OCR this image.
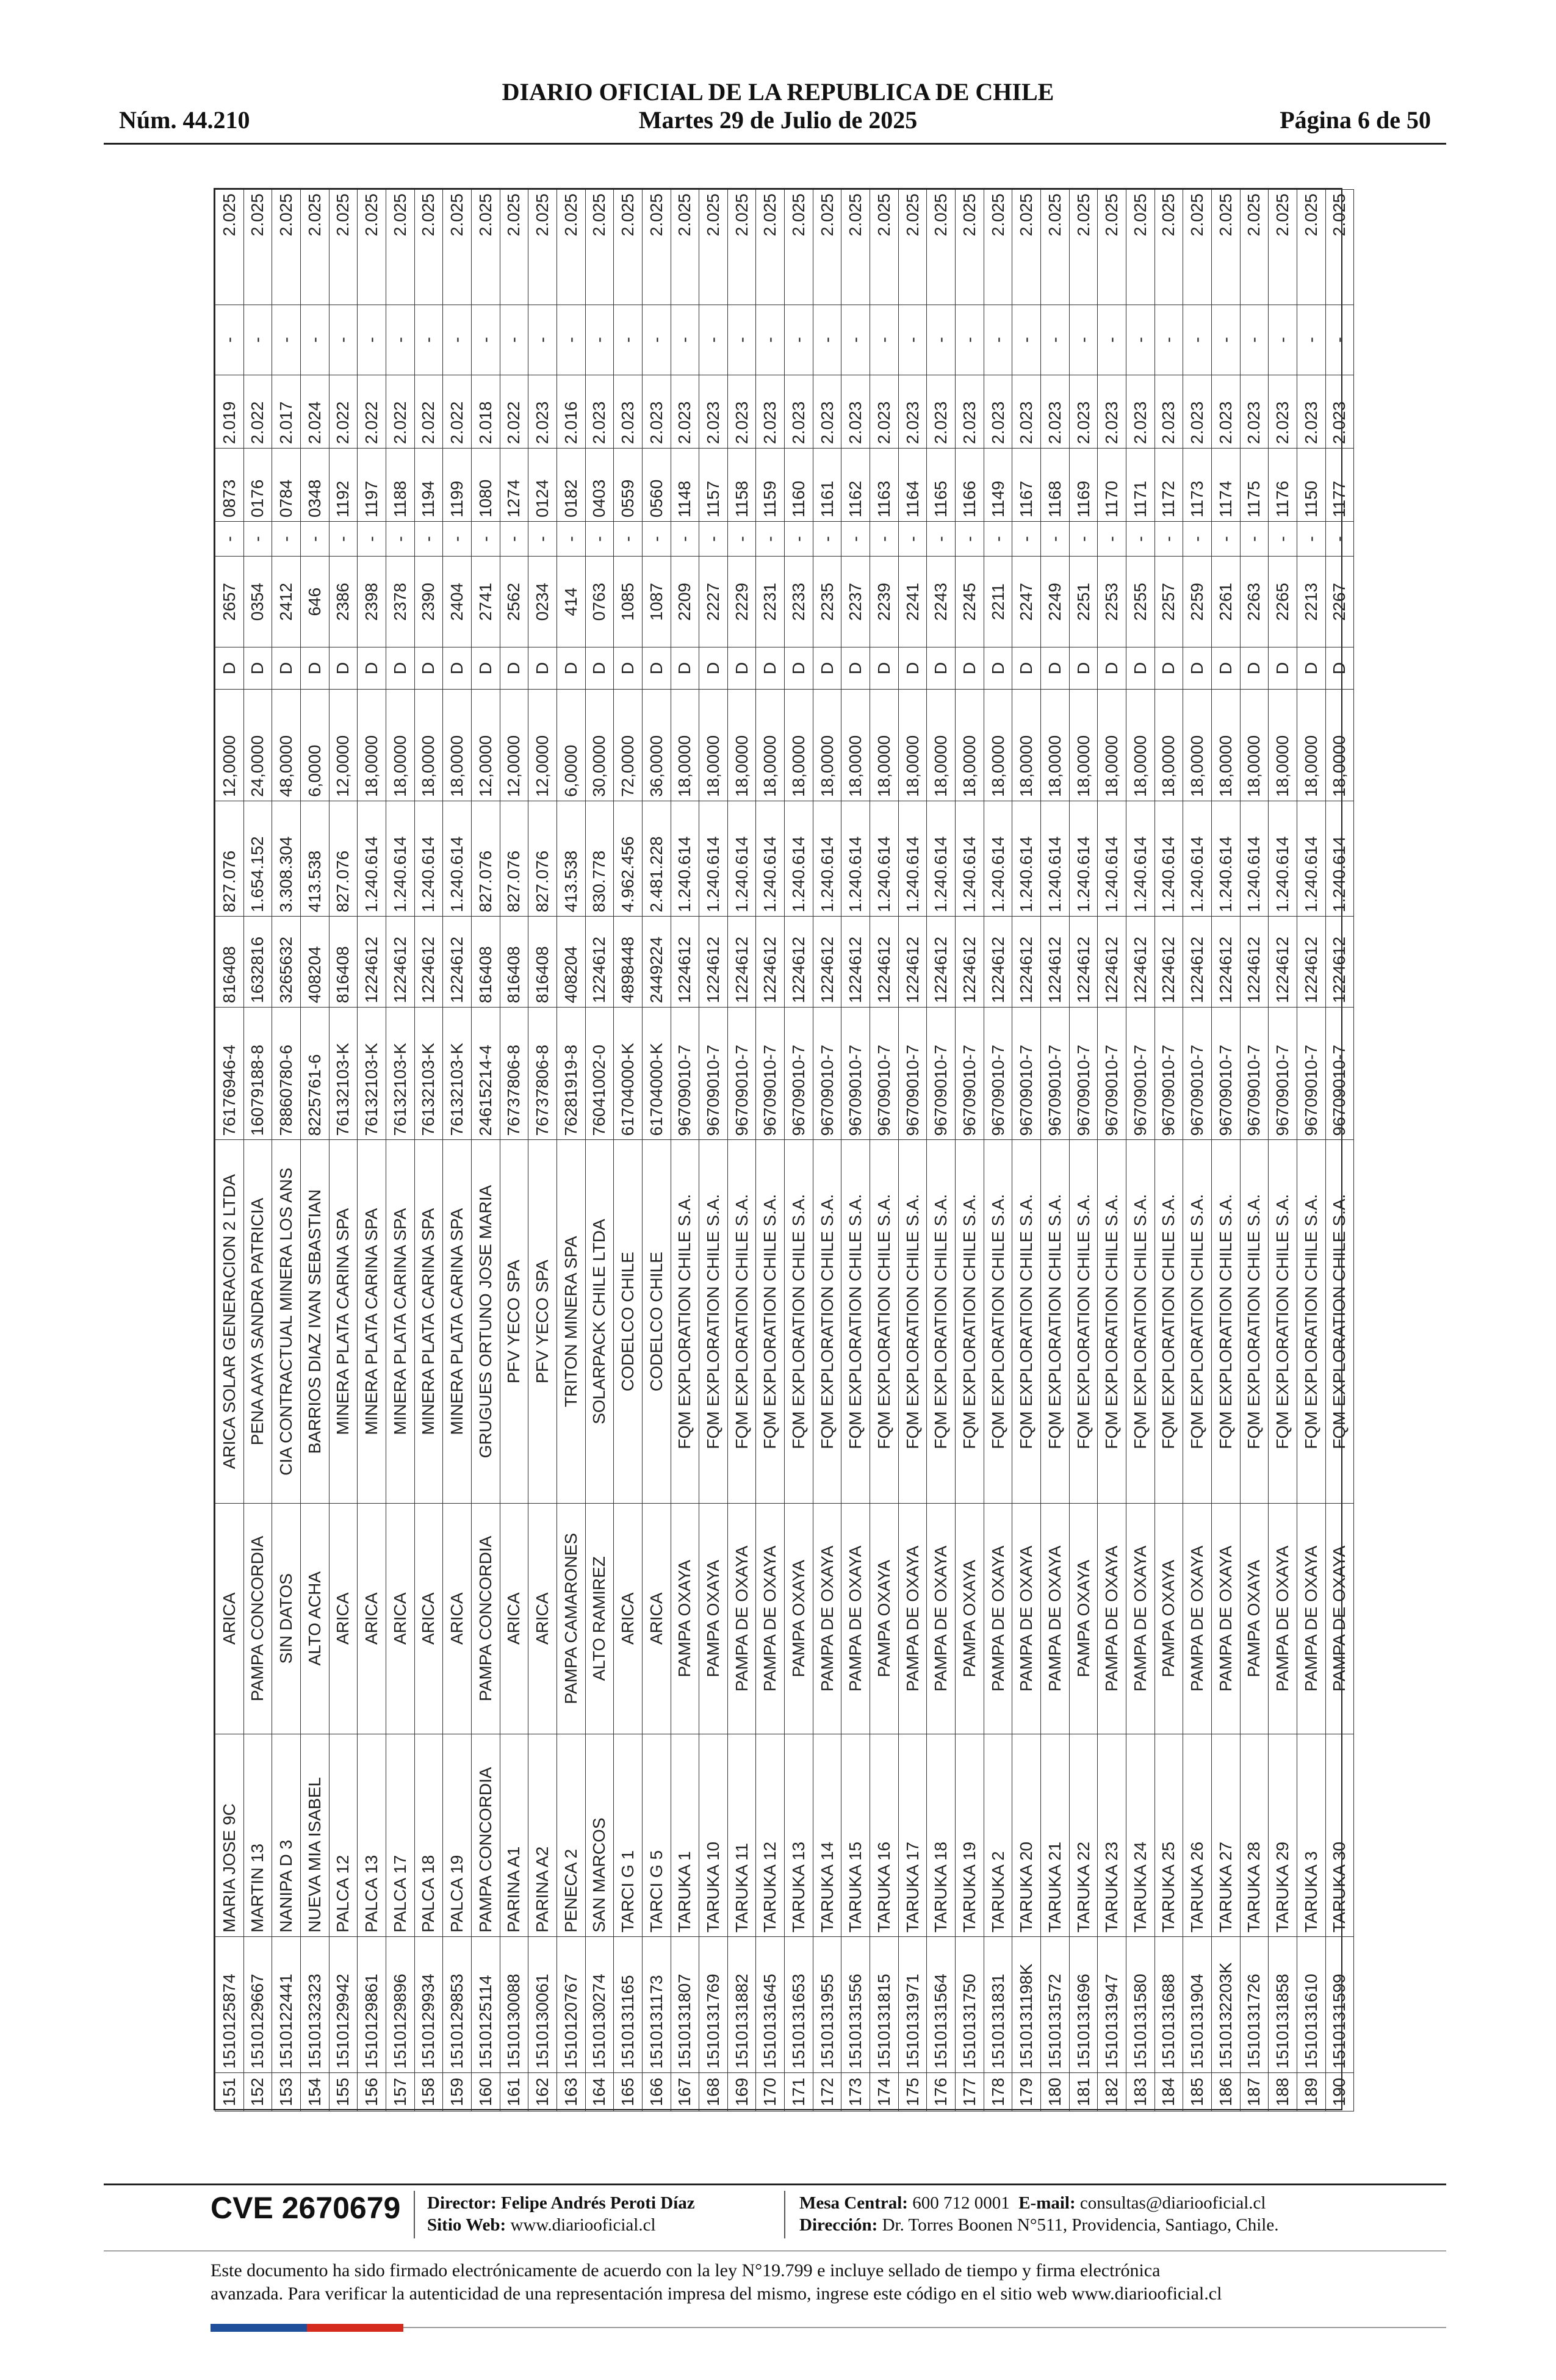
DIARIO OFICIAL DE LA REPUBLICA DE CHILE
Núm. 44.210	Martes 29 de Julio de 2025	Página 6 de 50
151	1510125874	MARIA JOSE 9C	ARICA	ARICA SOLAR GENERACION 2 LTDA	76176946-4	816408	827.076	12,0000	D	2657	-	0873	2.019	-	2.025
152	1510129667	MARTIN 13	PAMPA CONCORDIA	PENA AAYA SANDRA PATRICIA	16079188-8	1632816	1.654.152	24,0000	D	0354	-	0176	2.022	-	2.025
153	1510122441	NANIPA D 3	SIN DATOS	CIA CONTRACTUAL MINERA LOS ANS	78860780-6	3265632	3.308.304	48,0000	D	2412	-	0784	2.017	-	2.025
154	1510132323	NUEVA MIA ISABEL	ALTO ACHA	BARRIOS DIAZ IVAN SEBASTIAN	8225761-6	408204	413.538	6,0000	D	646	-	0348	2.024	-	2.025
155	1510129942	PALCA 12	ARICA	MINERA PLATA CARINA SPA	76132103-K	816408	827.076	12,0000	D	2386	-	1192	2.022	-	2.025
156	1510129861	PALCA 13	ARICA	MINERA PLATA CARINA SPA	76132103-K	1224612	1.240.614	18,0000	D	2398	-	1197	2.022	-	2.025
157	1510129896	PALCA 17	ARICA	MINERA PLATA CARINA SPA	76132103-K	1224612	1.240.614	18,0000	D	2378	-	1188	2.022	-	2.025
158	1510129934	PALCA 18	ARICA	MINERA PLATA CARINA SPA	76132103-K	1224612	1.240.614	18,0000	D	2390	-	1194	2.022	-	2.025
159	1510129853	PALCA 19	ARICA	MINERA PLATA CARINA SPA	76132103-K	1224612	1.240.614	18,0000	D	2404	-	1199	2.022	-	2.025
160	1510125114	PAMPA CONCORDIA	PAMPA CONCORDIA	GRUGUES ORTUNO JOSE MARIA	24615214-4	816408	827.076	12,0000	D	2741	-	1080	2.018	-	2.025
161	1510130088	PARINA A1	ARICA	PFV YECO SPA	76737806-8	816408	827.076	12,0000	D	2562	-	1274	2.022	-	2.025
162	1510130061	PARINA A2	ARICA	PFV YECO SPA	76737806-8	816408	827.076	12,0000	D	0234	-	0124	2.023	-	2.025
163	1510120767	PENECA 2	PAMPA CAMARONES	TRITON MINERA SPA	76281919-8	408204	413.538	6,0000	D	414	-	0182	2.016	-	2.025
164	1510130274	SAN MARCOS	ALTO RAMIREZ	SOLARPACK CHILE LTDA	76041002-0	1224612	830.778	30,0000	D	0763	-	0403	2.023	-	2.025
165	1510131165	TARCI G 1	ARICA	CODELCO CHILE	61704000-K	4898448	4.962.456	72,0000	D	1085	-	0559	2.023	-	2.025
166	1510131173	TARCI G 5	ARICA	CODELCO CHILE	61704000-K	2449224	2.481.228	36,0000	D	1087	-	0560	2.023	-	2.025
167	1510131807	TARUKA 1	PAMPA OXAYA	FQM EXPLORATION CHILE S.A.	96709010-7	1224612	1.240.614	18,0000	D	2209	-	1148	2.023	-	2.025
168	1510131769	TARUKA 10	PAMPA OXAYA	FQM EXPLORATION CHILE S.A.	96709010-7	1224612	1.240.614	18,0000	D	2227	-	1157	2.023	-	2.025
169	1510131882	TARUKA 11	PAMPA DE OXAYA	FQM EXPLORATION CHILE S.A.	96709010-7	1224612	1.240.614	18,0000	D	2229	-	1158	2.023	-	2.025
170	1510131645	TARUKA 12	PAMPA DE OXAYA	FQM EXPLORATION CHILE S.A.	96709010-7	1224612	1.240.614	18,0000	D	2231	-	1159	2.023	-	2.025
171	1510131653	TARUKA 13	PAMPA OXAYA	FQM EXPLORATION CHILE S.A.	96709010-7	1224612	1.240.614	18,0000	D	2233	-	1160	2.023	-	2.025
172	1510131955	TARUKA 14	PAMPA DE OXAYA	FQM EXPLORATION CHILE S.A.	96709010-7	1224612	1.240.614	18,0000	D	2235	-	1161	2.023	-	2.025
173	1510131556	TARUKA 15	PAMPA DE OXAYA	FQM EXPLORATION CHILE S.A.	96709010-7	1224612	1.240.614	18,0000	D	2237	-	1162	2.023	-	2.025
174	1510131815	TARUKA 16	PAMPA OXAYA	FQM EXPLORATION CHILE S.A.	96709010-7	1224612	1.240.614	18,0000	D	2239	-	1163	2.023	-	2.025
175	1510131971	TARUKA 17	PAMPA DE OXAYA	FQM EXPLORATION CHILE S.A.	96709010-7	1224612	1.240.614	18,0000	D	2241	-	1164	2.023	-	2.025
176	1510131564	TARUKA 18	PAMPA DE OXAYA	FQM EXPLORATION CHILE S.A.	96709010-7	1224612	1.240.614	18,0000	D	2243	-	1165	2.023	-	2.025
177	1510131750	TARUKA 19	PAMPA OXAYA	FQM EXPLORATION CHILE S.A.	96709010-7	1224612	1.240.614	18,0000	D	2245	-	1166	2.023	-	2.025
178	1510131831	TARUKA 2	PAMPA DE OXAYA	FQM EXPLORATION CHILE S.A.	96709010-7	1224612	1.240.614	18,0000	D	2211	-	1149	2.023	-	2.025
179	1510131198K	TARUKA 20	PAMPA DE OXAYA	FQM EXPLORATION CHILE S.A.	96709010-7	1224612	1.240.614	18,0000	D	2247	-	1167	2.023	-	2.025
180	1510131572	TARUKA 21	PAMPA DE OXAYA	FQM EXPLORATION CHILE S.A.	96709010-7	1224612	1.240.614	18,0000	D	2249	-	1168	2.023	-	2.025
181	1510131696	TARUKA 22	PAMPA OXAYA	FQM EXPLORATION CHILE S.A.	96709010-7	1224612	1.240.614	18,0000	D	2251	-	1169	2.023	-	2.025
182	1510131947	TARUKA 23	PAMPA DE OXAYA	FQM EXPLORATION CHILE S.A.	96709010-7	1224612	1.240.614	18,0000	D	2253	-	1170	2.023	-	2.025
183	1510131580	TARUKA 24	PAMPA DE OXAYA	FQM EXPLORATION CHILE S.A.	96709010-7	1224612	1.240.614	18,0000	D	2255	-	1171	2.023	-	2.025
184	1510131688	TARUKA 25	PAMPA OXAYA	FQM EXPLORATION CHILE S.A.	96709010-7	1224612	1.240.614	18,0000	D	2257	-	1172	2.023	-	2.025
185	1510131904	TARUKA 26	PAMPA DE OXAYA	FQM EXPLORATION CHILE S.A.	96709010-7	1224612	1.240.614	18,0000	D	2259	-	1173	2.023	-	2.025
186	1510132203K	TARUKA 27	PAMPA DE OXAYA	FQM EXPLORATION CHILE S.A.	96709010-7	1224612	1.240.614	18,0000	D	2261	-	1174	2.023	-	2.025
187	1510131726	TARUKA 28	PAMPA OXAYA	FQM EXPLORATION CHILE S.A.	96709010-7	1224612	1.240.614	18,0000	D	2263	-	1175	2.023	-	2.025
188	1510131858	TARUKA 29	PAMPA DE OXAYA	FQM EXPLORATION CHILE S.A.	96709010-7	1224612	1.240.614	18,0000	D	2265	-	1176	2.023	-	2.025
189	1510131610	TARUKA 3	PAMPA DE OXAYA	FQM EXPLORATION CHILE S.A.	96709010-7	1224612	1.240.614	18,0000	D	2213	-	1150	2.023	-	2.025
190	1510131599	TARUKA 30	PAMPA DE OXAYA	FQM EXPLORATION CHILE S.A.	96709010-7	1224612	1.240.614	18,0000	D	2267	-	1177	2.023	-	2.025
CVE 2670679 Director: Felipe Andrés Peroti Díaz
Sitio Web: www.diariooficial.cl
Mesa Central: 600 712 0001 E-mail: consultas@diariooficial.cl
Dirección: Dr. Torres Boonen N°511, Providencia, Santiago, Chile.
Este documento ha sido firmado electrónicamente de acuerdo con la ley N°19.799 e incluye sellado de tiempo y firma electrónica
avanzada. Para verificar la autenticidad de una representación impresa del mismo, ingrese este código en el sitio web www.diariooficial.cl
